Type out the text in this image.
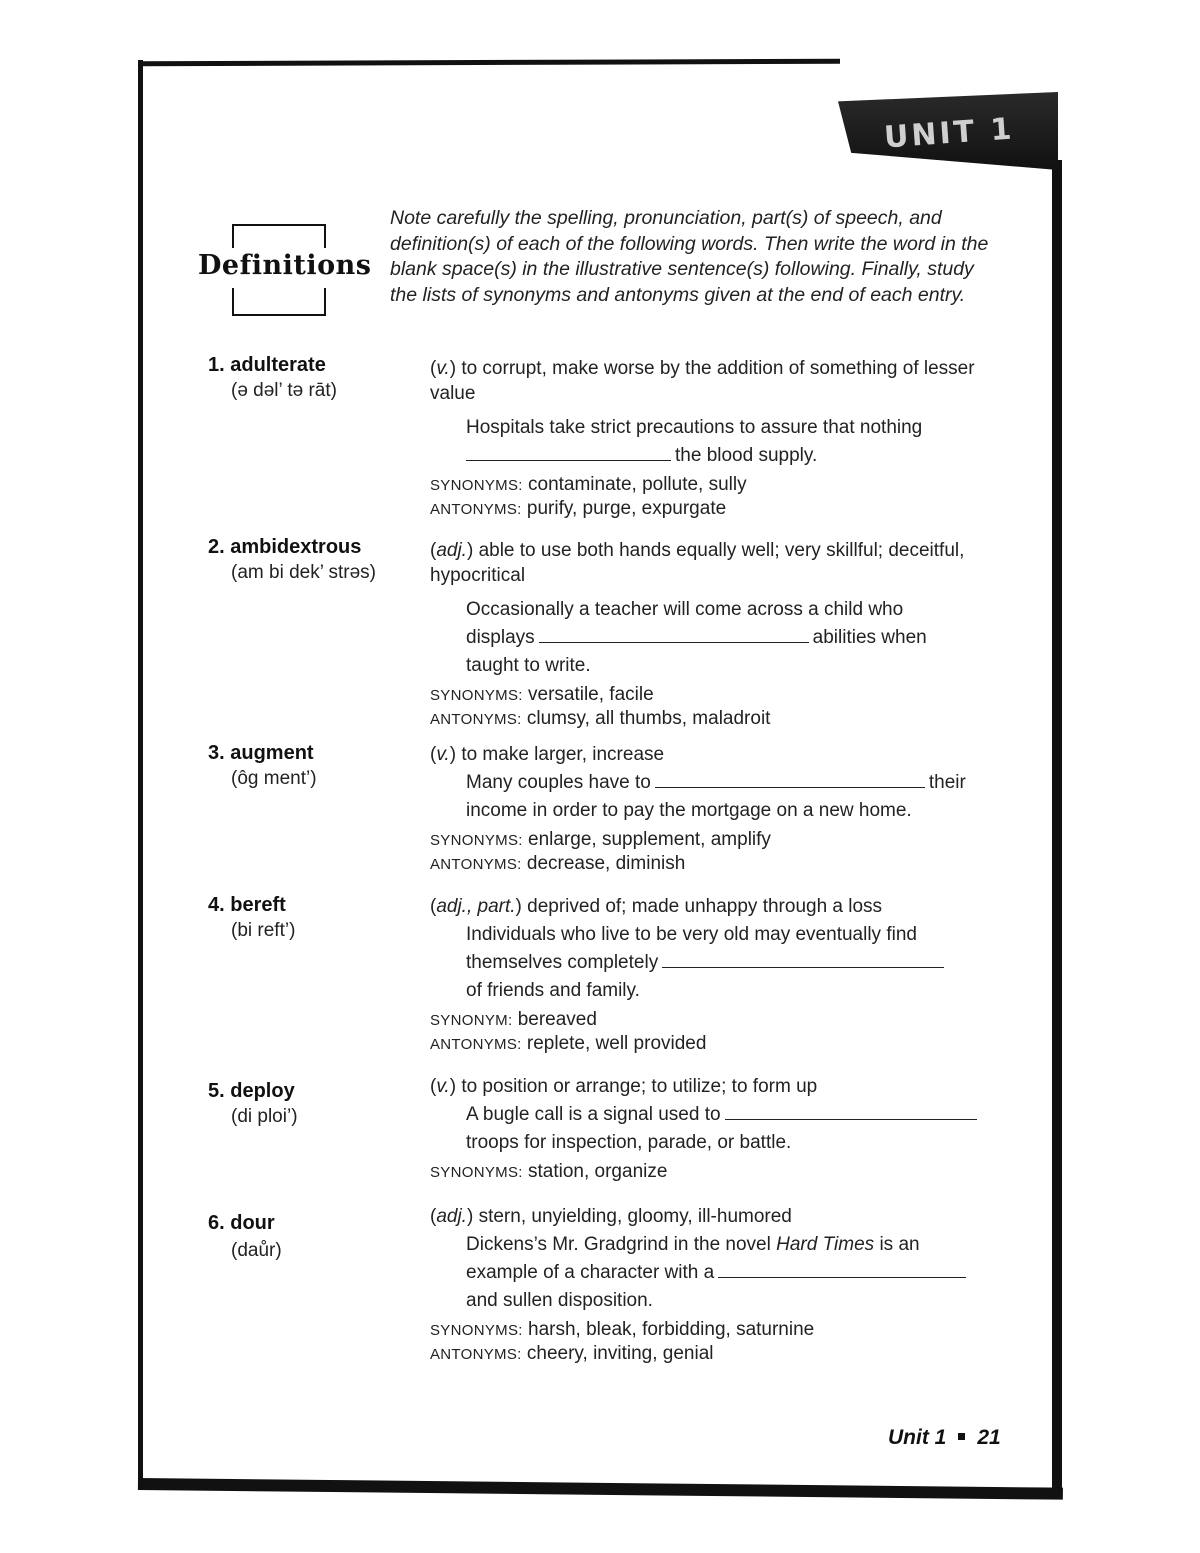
UNIT 1
Definitions
Note carefully the spelling, pronunciation, part(s) of speech, and definition(s) of each of the following words. Then write the word in the blank space(s) in the illustrative sentence(s) following. Finally, study the lists of synonyms and antonyms given at the end of each entry.
1. adulterate
(ə dəl’ tə rāt)

(v.) to corrupt, make worse by the addition of something of lesser value

Hospitals take strict precautions to assure that nothing
the blood supply.

SYNONYMS: contaminate, pollute, sully

ANTONYMS: purify, purge, expurgate

2. ambidextrous
(am bi dek’ strəs)

(adj.) able to use both hands equally well; very skillful; deceitful, hypocritical

Occasionally a teacher will come across a child who
displays	abilities when
taught to write.

SYNONYMS: versatile, facile

ANTONYMS: clumsy, all thumbs, maladroit

3. augment
(ôg ment’)

(v.) to make larger, increase

Many couples have to	their
income in order to pay the mortgage on a new home.

SYNONYMS: enlarge, supplement, amplify

ANTONYMS: decrease, diminish

4. bereft
(bi reft’)

(adj., part.) deprived of; made unhappy through a loss

Individuals who live to be very old may eventually find
themselves completely
of friends and family.

SYNONYM: bereaved

ANTONYMS: replete, well provided

5. deploy
(di ploi’)

(v.) to position or arrange; to utilize; to form up

A bugle call is a signal used to
troops for inspection, parade, or battle.

SYNONYMS: station, organize

6. dour
(daůr)

(adj.) stern, unyielding, gloomy, ill-humored

Dickens’s Mr. Gradgrind in the novel Hard Times is an
example of a character with a
and sullen disposition.

SYNONYMS: harsh, bleak, forbidding, saturnine

ANTONYMS: cheery, inviting, genial

Unit 1 21
